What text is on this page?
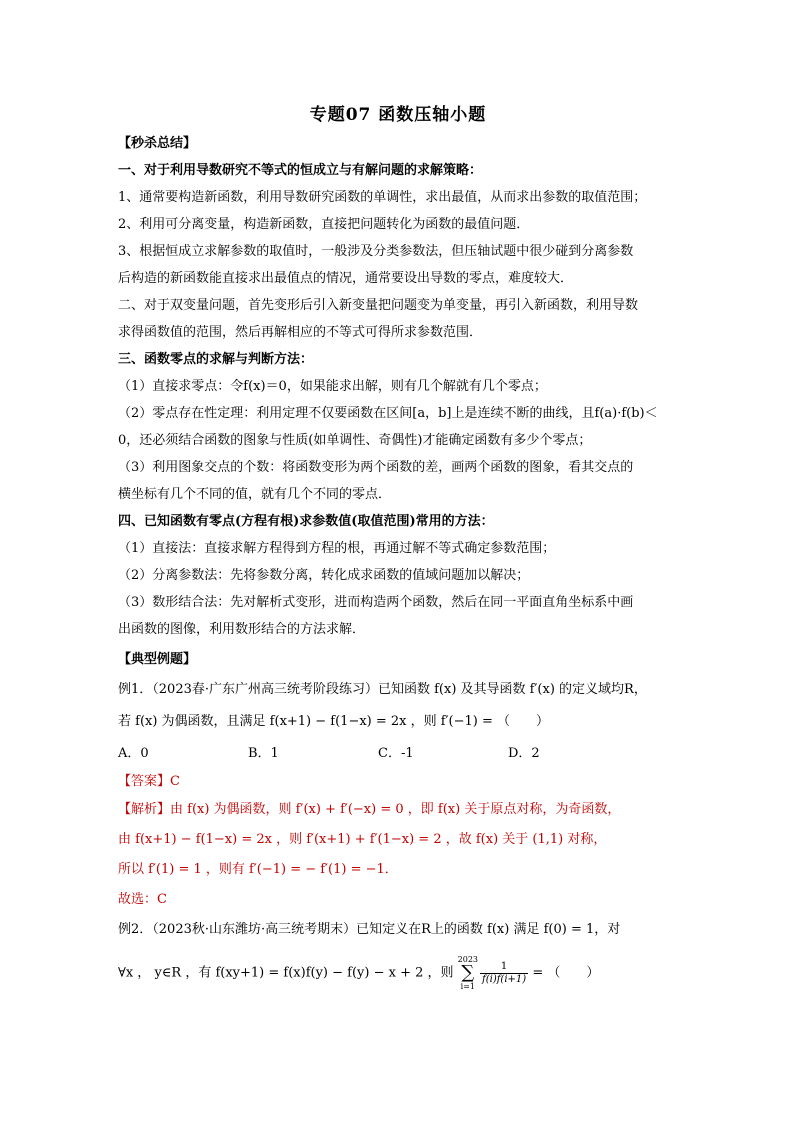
专题07 函数压轴小题
【秒杀总结】
一、对于利用导数研究不等式的恒成立与有解问题的求解策略：
1、通常要构造新函数，利用导数研究函数的单调性，求出最值，从而求出参数的取值范围；
2、利用可分离变量，构造新函数，直接把问题转化为函数的最值问题．
3、根据恒成立求解参数的取值时，一般涉及分类参数法，但压轴试题中很少碰到分离参数
后构造的新函数能直接求出最值点的情况，通常要设出导数的零点，难度较大．
二、对于双变量问题，首先变形后引入新变量把问题变为单变量，再引入新函数，利用导数
求得函数值的范围，然后再解相应的不等式可得所求参数范围．
三、函数零点的求解与判断方法：
（1）直接求零点：令f(x)＝0，如果能求出解，则有几个解就有几个零点；
（2）零点存在性定理：利用定理不仅要函数在区间[a，b]上是连续不断的曲线，且f(a)·f(b)＜
0，还必须结合函数的图象与性质(如单调性、奇偶性)才能确定函数有多少个零点；
（3）利用图象交点的个数：将函数变形为两个函数的差，画两个函数的图象，看其交点的
横坐标有几个不同的值，就有几个不同的零点．
四、已知函数有零点(方程有根)求参数值(取值范围)常用的方法：
（1）直接法：直接求解方程得到方程的根，再通过解不等式确定参数范围；
（2）分离参数法：先将参数分离，转化成求函数的值域问题加以解决；
（3）数形结合法：先对解析式变形，进而构造两个函数，然后在同一平面直角坐标系中画
出函数的图像，利用数形结合的方法求解．
【典型例题】
例1．（2023春·广东广州高三统考阶段练习）已知函数 f(x) 及其导函数 f′(x) 的定义域均R，
若 f(x) 为偶函数，且满足 f(x+1) − f(1−x) = 2x ，则 f′(−1) = （　　）
A．0	B．1	C．-1	D．2
【答案】C
【解析】由 f(x) 为偶函数，则 f′(x) + f′(−x) = 0 ，即 f(x) 关于原点对称，为奇函数，
由 f(x+1) − f(1−x) = 2x ，则 f′(x+1) + f′(1−x) = 2 ，故 f(x) 关于 (1,1) 对称，
所以 f′(1) = 1 ，则有 f′(−1) = − f′(1) = −1．
故选：C
例2．（2023秋·山东潍坊·高三统考期末）已知定义在R上的函数 f(x) 满足 f(0) = 1，对
∀x ， y∈R ，有 f(xy+1) = f(x)f(y) − f(y) − x + 2 ，则 2023
∑
i=1
$\frac{1}{f(i)f(i+1)}$ = （　　）
